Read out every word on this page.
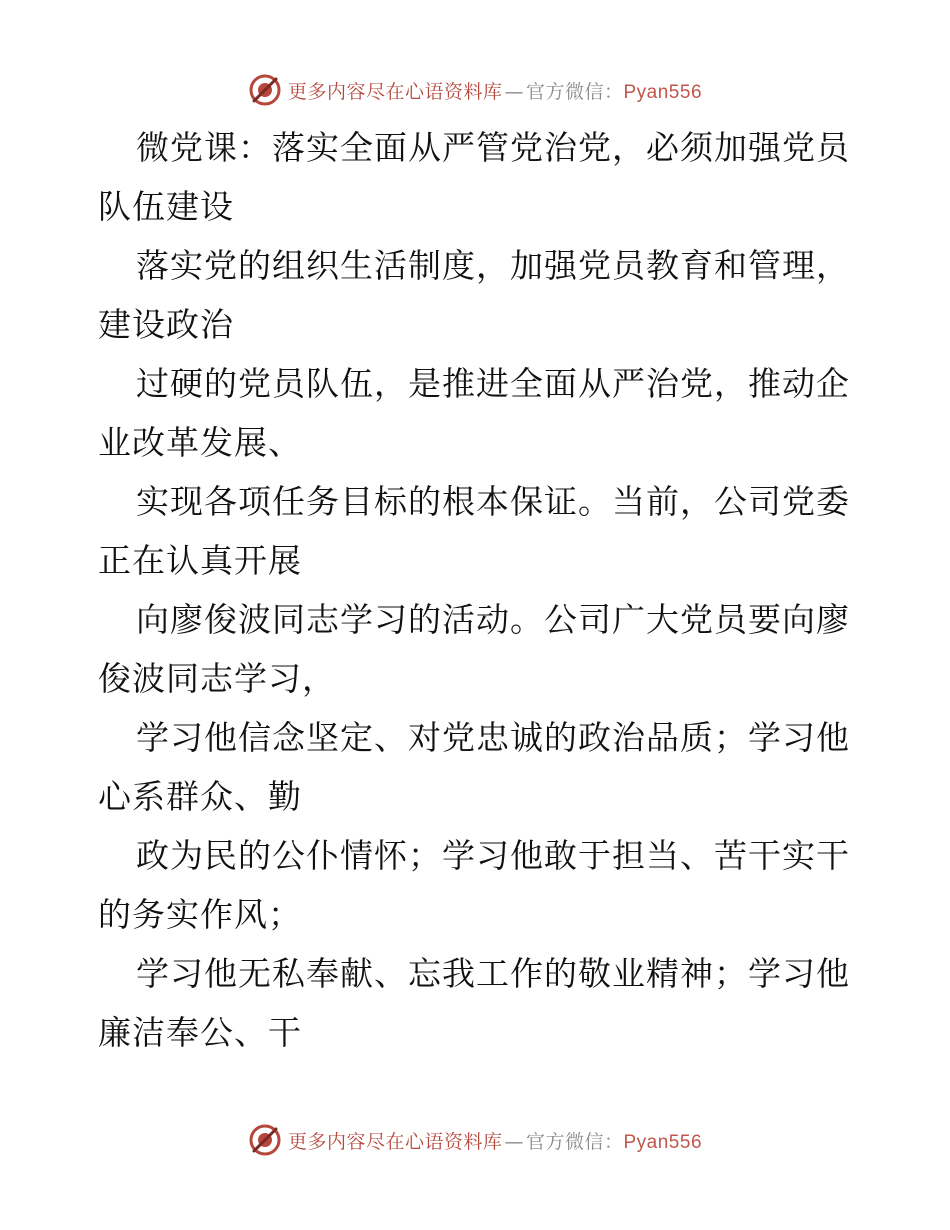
更多内容尽在心语资料库 — 官方微信： Pyan556

微党课：落实全面从严管党治党，必须加强党员队伍建设

落实党的组织生活制度，加强党员教育和管理，建设政治

过硬的党员队伍，是推进全面从严治党，推动企业改革发展、

实现各项任务目标的根本保证。当前，公司党委正在认真开展

向廖俊波同志学习的活动。公司广大党员要向廖俊波同志学习，

学习他信念坚定、对党忠诚的政治品质；学习他心系群众、勤

政为民的公仆情怀；学习他敢于担当、苦干实干的务实作风；

学习他无私奉献、忘我工作的敬业精神；学习他廉洁奉公、干

更多内容尽在心语资料库 — 官方微信： Pyan556
